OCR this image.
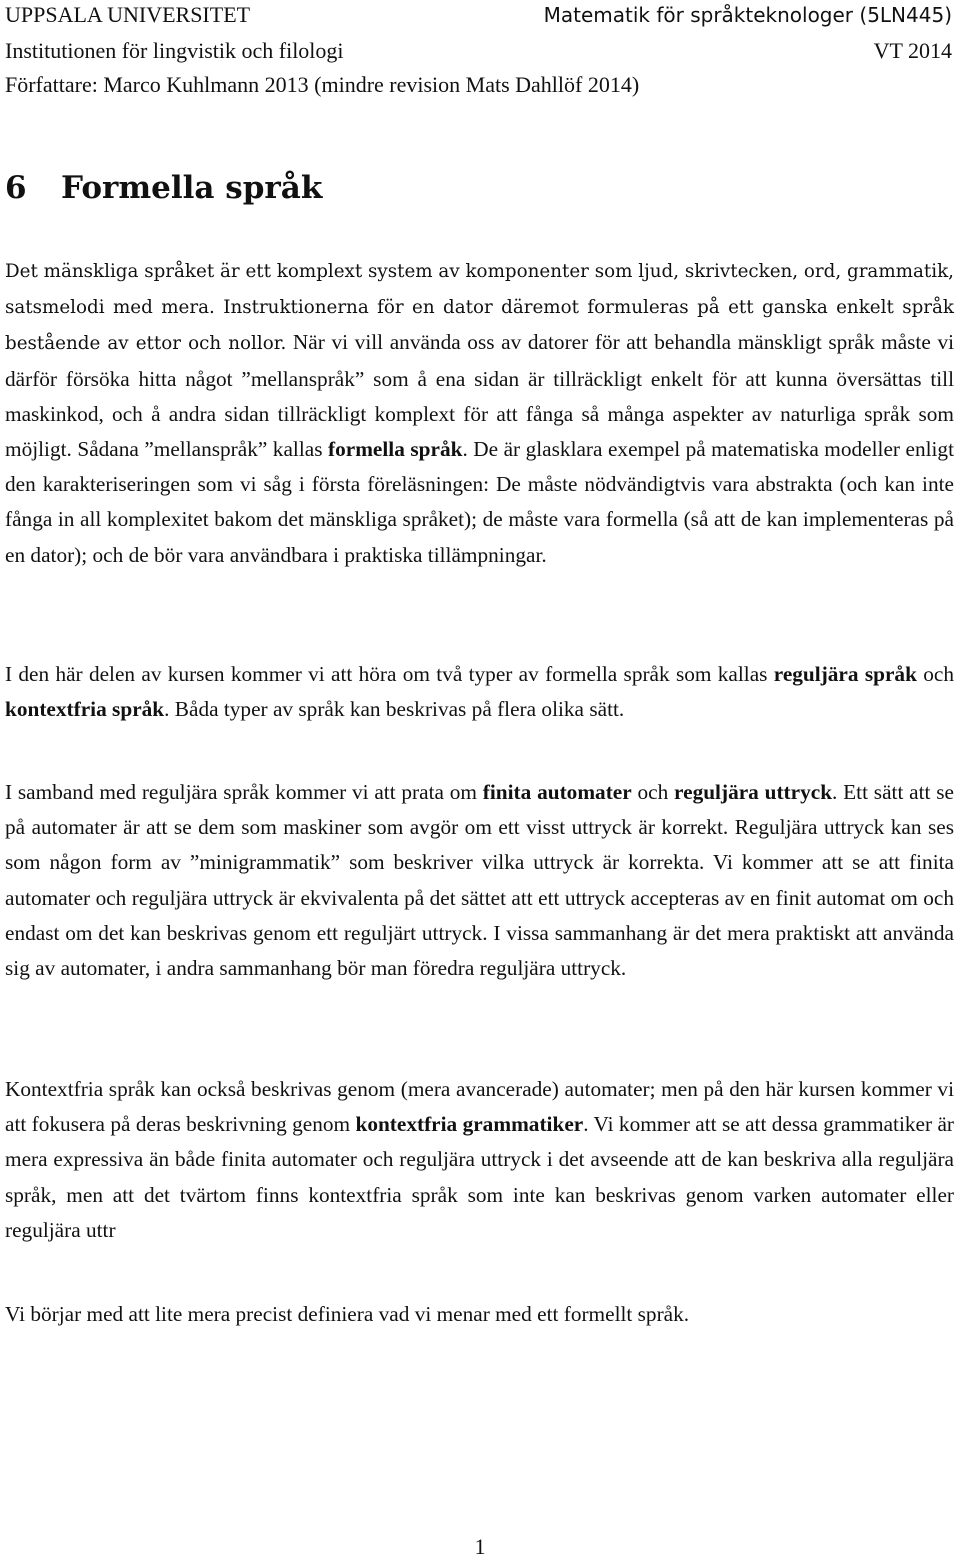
UPPSALA UNIVERSITET	Matematik för språkteknologer (5LN445)
Institutionen för lingvistik och filologi	VT 2014
Författare: Marco Kuhlmann 2013 (mindre revision Mats Dahllöf 2014)
6 Formella språk

Det mänskliga språket är ett komplext system av komponenter som ljud, skrivtecken, ord, grammatik, satsmelodi med mera. Instruktionerna för en dator däremot formuleras på ett ganska enkelt språk bestående av ettor och nollor. När vi vill använda oss av datorer för att behandla mänskligt språk måste vi därför försöka hitta något ”mellanspråk” som å ena sidan är tillräckligt enkelt för att kunna översättas till maskinkod, och å andra sidan tillräckligt komplext för att fånga så många aspekter av naturliga språk som möjligt. Sådana ”mellanspråk” kallas formella språk. De är glasklara exempel på matematiska modeller enligt den karakteriseringen som vi såg i första föreläsningen: De måste nödvändigtvis vara abstrakta (och kan inte fånga in all komplexitet bakom det mänskliga språket); de måste vara formella (så att de kan implementeras på en dator); och de bör vara användbara i praktiska tillämpningar.

I den här delen av kursen kommer vi att höra om två typer av formella språk som kallas reguljära språk och kontextfria språk. Båda typer av språk kan beskrivas på flera olika sätt.

I samband med reguljära språk kommer vi att prata om finita automater och reguljära uttryck. Ett sätt att se på automater är att se dem som maskiner som avgör om ett visst uttryck är korrekt. Reguljära uttryck kan ses som någon form av ”minigrammatik” som beskriver vilka uttryck är korrekta. Vi kommer att se att finita automater och reguljära uttryck är ekvivalenta på det sättet att ett uttryck accepteras av en finit automat om och endast om det kan beskrivas genom ett reguljärt uttryck. I vissa sammanhang är det mera praktiskt att använda sig av automater, i andra sammanhang bör man föredra reguljära uttryck.

Kontextfria språk kan också beskrivas genom (mera avancerade) automater; men på den här kursen kommer vi att fokusera på deras beskrivning genom kontextfria grammatiker. Vi kommer att se att dessa grammatiker är mera expressiva än både finita automater och reguljära uttryck i det avseende att de kan beskriva alla reguljära språk, men att det tvärtom finns kontextfria språk som inte kan beskrivas genom varken automater eller reguljära uttr

Vi börjar med att lite mera precist definiera vad vi menar med ett formellt språk.

1
